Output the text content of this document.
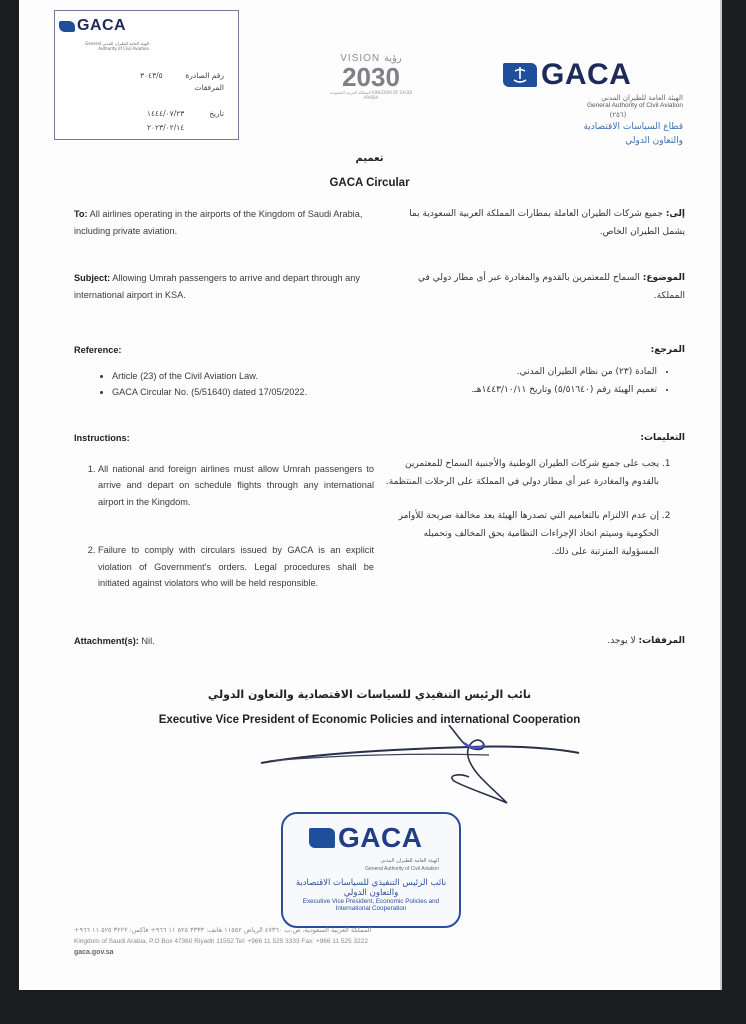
GACA
الهيئة العامة للطيران المدني General Authority of Civil Aviation
٣٠٤٣/٥	رقم الصادرة
المرفقات
تاريخ
١٤٤٤/٠٧/٢٣
٢٠٢٣/٠٢/١٤
VISION رؤية
2030
المملكة العربية السعودية KINGDOM OF SAUDI ARABIA
GACA
الهيئة العامة للطيران المدني
General Authority of Civil Aviation
(٢٥٦)
قطاع السياسات الاقتصادية
والتعاون الدولي
تعميم
GACA Circular
To: All airlines operating in the airports of the Kingdom of Saudi Arabia, including private aviation.
إلى: جميع شركات الطيران العاملة بمطارات المملكة العربية السعودية بما يشمل الطيران الخاص.
Subject: Allowing Umrah passengers to arrive and depart through any international airport in KSA.
الموضوع: السماح للمعتمرين بالقدوم والمغادرة عبر أي مطار دولي في المملكة.
Reference:
• Article (23) of the Civil Aviation Law.
• GACA Circular No. (5/51640) dated 17/05/2022.
المرجع:
• المادة (٢٣) من نظام الطيران المدني.
• تعميم الهيئة رقم (٥/٥١٦٤٠) وتاريخ ١٤٤٣/١٠/١١هـ.
Instructions:
1. All national and foreign airlines must allow Umrah passengers to arrive and depart on schedule flights through any international airport in the Kingdom.
2. Failure to comply with circulars issued by GACA is an explicit violation of Government's orders. Legal procedures shall be initiated against violators who will be held responsible.
التعليمات:
1. يجب على جميع شركات الطيران الوطنية والأجنبية السماح للمعتمرين بالقدوم والمغادرة عبر أي مطار دولي في المملكة على الرحلات المنتظمة.
2. إن عدم الالتزام بالتعاميم التي تصدرها الهيئة يعد مخالفة صريحة للأوامر الحكومية وسيتم اتخاذ الإجراءات النظامية بحق المخالف وتحميله المسؤولية المترتبة على ذلك.
Attachment(s): Nil.	المرفقات: لا يوجد.
نائب الرئيس التنفيذي للسياسات الاقتصادية والتعاون الدولي
Executive Vice President of Economic Policies and international Cooperation
GACA
الهيئة العامة للطيران المدني
General Authority of Civil Aviation
نائب الرئيس التنفيذي للسياسات الاقتصادية والتعاون الدولي
Executive Vice President, Economic Policies and International Cooperation
المملكة العربية السعودية، ص.ب ٤٧٣٦٠ الرياض ١١٥٥٢ هاتف: ٣٣٣٣ ٥٢٥ ١١ ٩٦٦+ فاكس: ٣٢٢٢ ٥٢٥ ١١ ٩٦٦+
Kingdom of Saudi Arabia, P.O Box 47360 Riyadh 11552 Tel: +966 11 525 3333 Fax: +966 11 525 3222
gaca.gov.sa
